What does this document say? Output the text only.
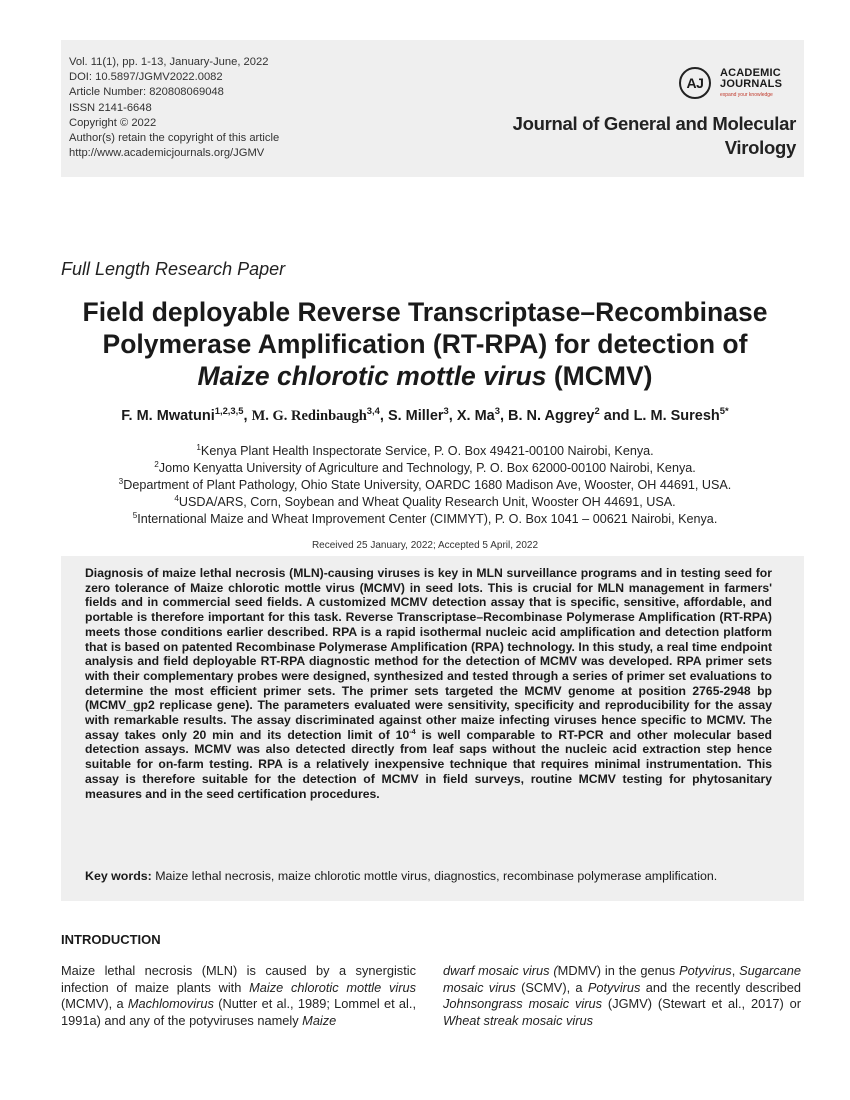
Vol. 11(1), pp. 1-13, January-June, 2022
DOI: 10.5897/JGMV2022.0082
Article Number: 820808069048
ISSN 2141-6648
Copyright © 2022
Author(s) retain the copyright of this article
http://www.academicjournals.org/JGMV
AJ
ACADEMIC
JOURNALS
expand your knowledge
Journal of General and Molecular
Virology
Full Length Research Paper
Field deployable Reverse Transcriptase–Recombinase
Polymerase Amplification (RT-RPA) for detection of
Maize chlorotic mottle virus (MCMV)
F. M. Mwatuni$^{1,2,3,5}$, M. G. Redinbaugh$^{3,4}$, S. Miller$^3$, X. Ma$^3$, B. N. Aggrey$^2$ and L. M. Suresh$^{5*}$
$^1$Kenya Plant Health Inspectorate Service, P. O. Box 49421-00100 Nairobi, Kenya.
$^2$Jomo Kenyatta University of Agriculture and Technology, P. O. Box 62000-00100 Nairobi, Kenya.
$^3$Department of Plant Pathology, Ohio State University, OARDC 1680 Madison Ave, Wooster, OH 44691, USA.
$^4$USDA/ARS, Corn, Soybean and Wheat Quality Research Unit, Wooster OH 44691, USA.
$^5$International Maize and Wheat Improvement Center (CIMMYT), P. O. Box 1041 – 00621 Nairobi, Kenya.
Received 25 January, 2022; Accepted 5 April, 2022
Diagnosis of maize lethal necrosis (MLN)-causing viruses is key in MLN surveillance programs and in testing seed for zero tolerance of Maize chlorotic mottle virus (MCMV) in seed lots. This is crucial for MLN management in farmers' fields and in commercial seed fields. A customized MCMV detection assay that is specific, sensitive, affordable, and portable is therefore important for this task. Reverse Transcriptase–Recombinase Polymerase Amplification (RT-RPA) meets those conditions earlier described. RPA is a rapid isothermal nucleic acid amplification and detection platform that is based on patented Recombinase Polymerase Amplification (RPA) technology. In this study, a real time endpoint analysis and field deployable RT-RPA diagnostic method for the detection of MCMV was developed. RPA primer sets with their complementary probes were designed, synthesized and tested through a series of primer set evaluations to determine the most efficient primer sets. The primer sets targeted the MCMV genome at position 2765-2948 bp (MCMV_gp2 replicase gene). The parameters evaluated were sensitivity, specificity and reproducibility for the assay with remarkable results. The assay discriminated against other maize infecting viruses hence specific to MCMV. The assay takes only 20 min and its detection limit of $10^{-4}$ is well comparable to RT-PCR and other molecular based detection assays. MCMV was also detected directly from leaf saps without the nucleic acid extraction step hence suitable for on-farm testing. RPA is a relatively inexpensive technique that requires minimal instrumentation. This assay is therefore suitable for the detection of MCMV in field surveys, routine MCMV testing for phytosanitary measures and in the seed certification procedures.
Key words: Maize lethal necrosis, maize chlorotic mottle virus, diagnostics, recombinase polymerase amplification.
INTRODUCTION
Maize lethal necrosis (MLN) is caused by a synergistic infection of maize plants with Maize chlorotic mottle virus (MCMV), a Machlomovirus (Nutter et al., 1989; Lommel et al., 1991a) and any of the potyviruses namely Maize
dwarf mosaic virus (MDMV) in the genus Potyvirus, Sugarcane mosaic virus (SCMV), a Potyvirus and the recently described Johnsongrass mosaic virus (JGMV) (Stewart et al., 2017) or Wheat streak mosaic virus
